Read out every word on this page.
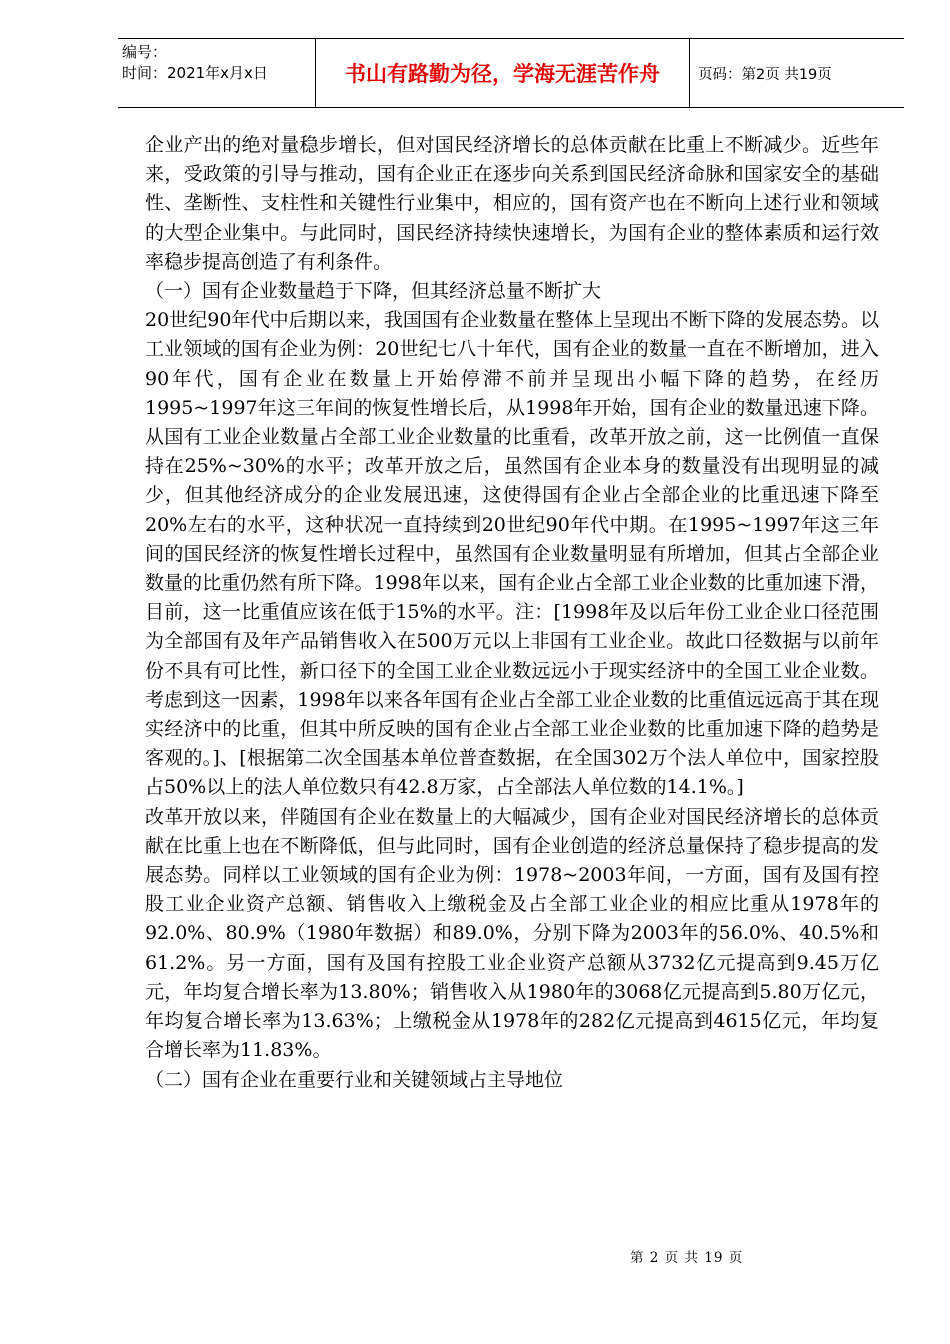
编号：
时间：2021年x月x日	书山有路勤为径，学海无涯苦作舟	页码：第2页 共19页

企业产出的绝对量稳步增长，但对国民经济增长的总体贡献在比重上不断减少。近些年来，受政策的引导与推动，国有企业正在逐步向关系到国民经济命脉和国家安全的基础性、垄断性、支柱性和关键性行业集中，相应的，国有资产也在不断向上述行业和领域的大型企业集中。与此同时，国民经济持续快速增长，为国有企业的整体素质和运行效率稳步提高创造了有利条件。

（一）国有企业数量趋于下降，但其经济总量不断扩大

20世纪90年代中后期以来，我国国有企业数量在整体上呈现出不断下降的发展态势。以工业领域的国有企业为例：20世纪七八十年代，国有企业的数量一直在不断增加，进入90年代，国有企业在数量上开始停滞不前并呈现出小幅下降的趋势，在经历1995~1997年这三年间的恢复性增长后，从1998年开始，国有企业的数量迅速下降。从国有工业企业数量占全部工业企业数量的比重看，改革开放之前，这一比例值一直保持在25%~30%的水平；改革开放之后，虽然国有企业本身的数量没有出现明显的减少，但其他经济成分的企业发展迅速，这使得国有企业占全部企业的比重迅速下降至20%左右的水平，这种状况一直持续到20世纪90年代中期。在1995~1997年这三年间的国民经济的恢复性增长过程中，虽然国有企业数量明显有所增加，但其占全部企业数量的比重仍然有所下降。1998年以来，国有企业占全部工业企业数的比重加速下滑，目前，这一比重值应该在低于15%的水平。注：[1998年及以后年份工业企业口径范围为全部国有及年产品销售收入在500万元以上非国有工业企业。故此口径数据与以前年份不具有可比性，新口径下的全国工业企业数远远小于现实经济中的全国工业企业数。考虑到这一因素，1998年以来各年国有企业占全部工业企业数的比重值远远高于其在现实经济中的比重，但其中所反映的国有企业占全部工业企业数的比重加速下降的趋势是客观的。]、[根据第二次全国基本单位普查数据，在全国302万个法人单位中，国家控股占50%以上的法人单位数只有42.8万家，占全部法人单位数的14.1%。]

改革开放以来，伴随国有企业在数量上的大幅减少，国有企业对国民经济增长的总体贡献在比重上也在不断降低，但与此同时，国有企业创造的经济总量保持了稳步提高的发展态势。同样以工业领域的国有企业为例：1978~2003年间，一方面，国有及国有控股工业企业资产总额、销售收入上缴税金及占全部工业企业的相应比重从1978年的92.0%、80.9%（1980年数据）和89.0%，分别下降为2003年的56.0%、40.5%和61.2%。另一方面，国有及国有控股工业企业资产总额从3732亿元提高到9.45万亿元，年均复合增长率为13.80%；销售收入从1980年的3068亿元提高到5.80万亿元，年均复合增长率为13.63%；上缴税金从1978年的282亿元提高到4615亿元，年均复合增长率为11.83%。

（二）国有企业在重要行业和关键领域占主导地位

第 2 页 共 19 页
